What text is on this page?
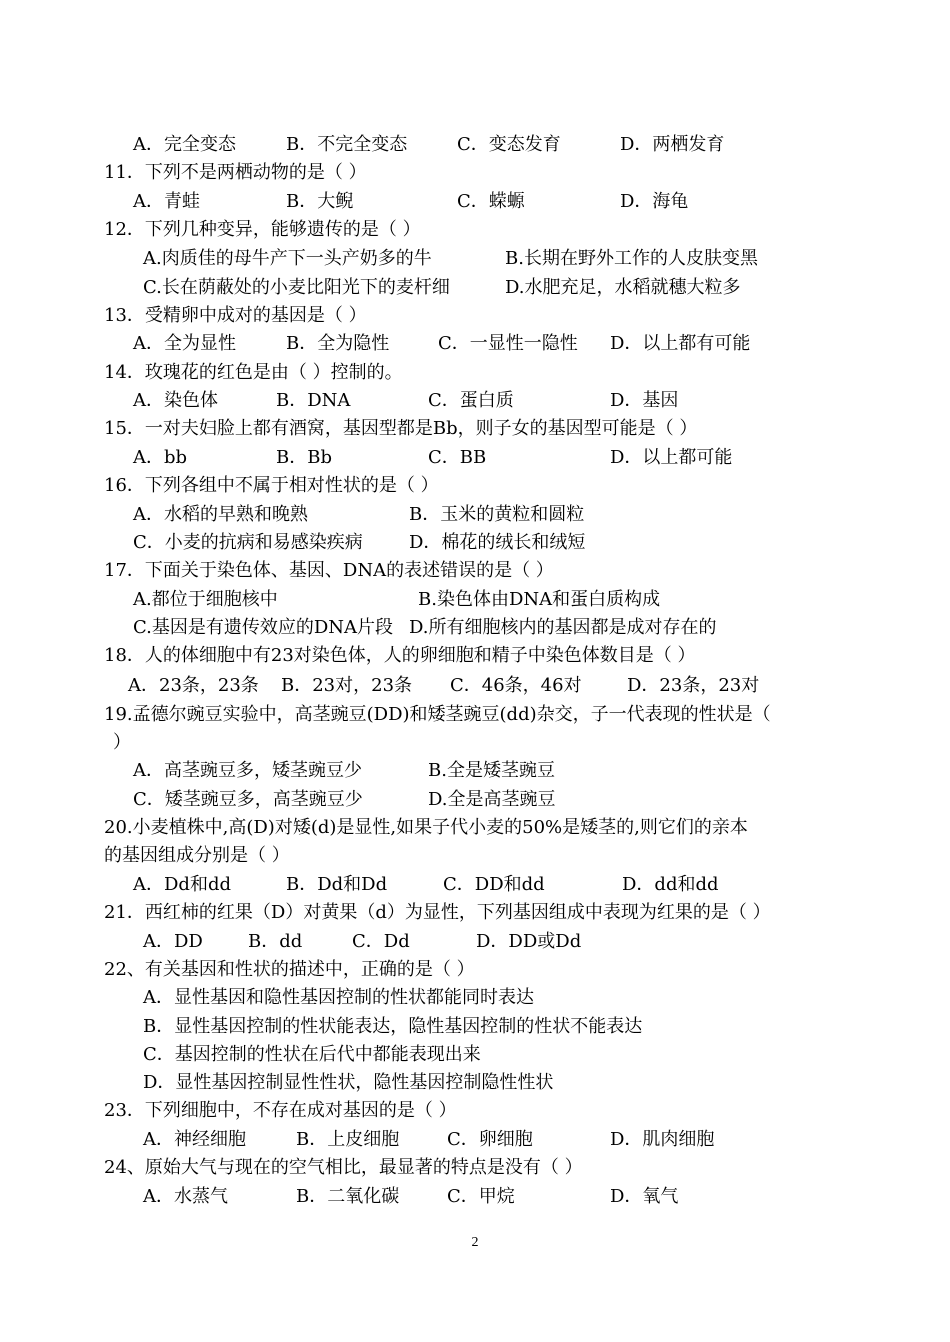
A．完全变态	B．不完全变态	C．变态发育	D．两栖发育
11．下列不是两栖动物的是（ ）
A．青蛙	B．大鲵	C．蝾螈	D．海龟
12．下列几种变异，能够遗传的是（ ）
A.肉质佳的母牛产下一头产奶多的牛	B.长期在野外工作的人皮肤变黑
C.长在荫蔽处的小麦比阳光下的麦杆细	D.水肥充足，水稻就穗大粒多
13．受精卵中成对的基因是（ ）
A．全为显性	B．全为隐性	C．一显性一隐性 D．以上都有可能
14．玫瑰花的红色是由（ ）控制的。
A．染色体	B．DNA	C．蛋白质	D．基因
15．一对夫妇脸上都有酒窝，基因型都是Bb，则子女的基因型可能是（ ）
A．bb	B．Bb	C．BB	D．以上都可能
16．下列各组中不属于相对性状的是（ ）
A．水稻的早熟和晚熟	B．玉米的黄粒和圆粒
C．小麦的抗病和易感染疾病	D．棉花的绒长和绒短
17．下面关于染色体、基因、DNA的表述错误的是（ ）
A.都位于细胞核中	B.染色体由DNA和蛋白质构成
C.基因是有遗传效应的DNA片段 D.所有细胞核内的基因都是成对存在的
18．人的体细胞中有23对染色体，人的卵细胞和精子中染色体数目是（ ）
A．23条，23条 B．23对，23条 C．46条，46对	D．23条，23对
19.孟德尔豌豆实验中，高茎豌豆(DD)和矮茎豌豆(dd)杂交，子一代表现的性状是（
）
A．高茎豌豆多，矮茎豌豆少	B.全是矮茎豌豆
C．矮茎豌豆多，高茎豌豆少	D.全是高茎豌豆
20.小麦植株中,高(D)对矮(d)是显性,如果子代小麦的50%是矮茎的,则它们的亲本
的基因组成分别是（ ）
A．Dd和dd	B．Dd和Dd	C．DD和dd	D．dd和dd
21．西红柿的红果（D）对黄果（d）为显性，下列基因组成中表现为红果的是（ ）
A．DD	B．dd	C．Dd	D．DD或Dd
22、有关基因和性状的描述中，正确的是（ ）
A．显性基因和隐性基因控制的性状都能同时表达
B．显性基因控制的性状能表达，隐性基因控制的性状不能表达
C．基因控制的性状在后代中都能表现出来
D．显性基因控制显性性状，隐性基因控制隐性性状
23．下列细胞中，不存在成对基因的是（ ）
A．神经细胞	B．上皮细胞	C．卵细胞	D．肌肉细胞
24、原始大气与现在的空气相比，最显著的特点是没有（ ）
A．水蒸气	B．二氧化碳	C．甲烷	D．氧气
2
